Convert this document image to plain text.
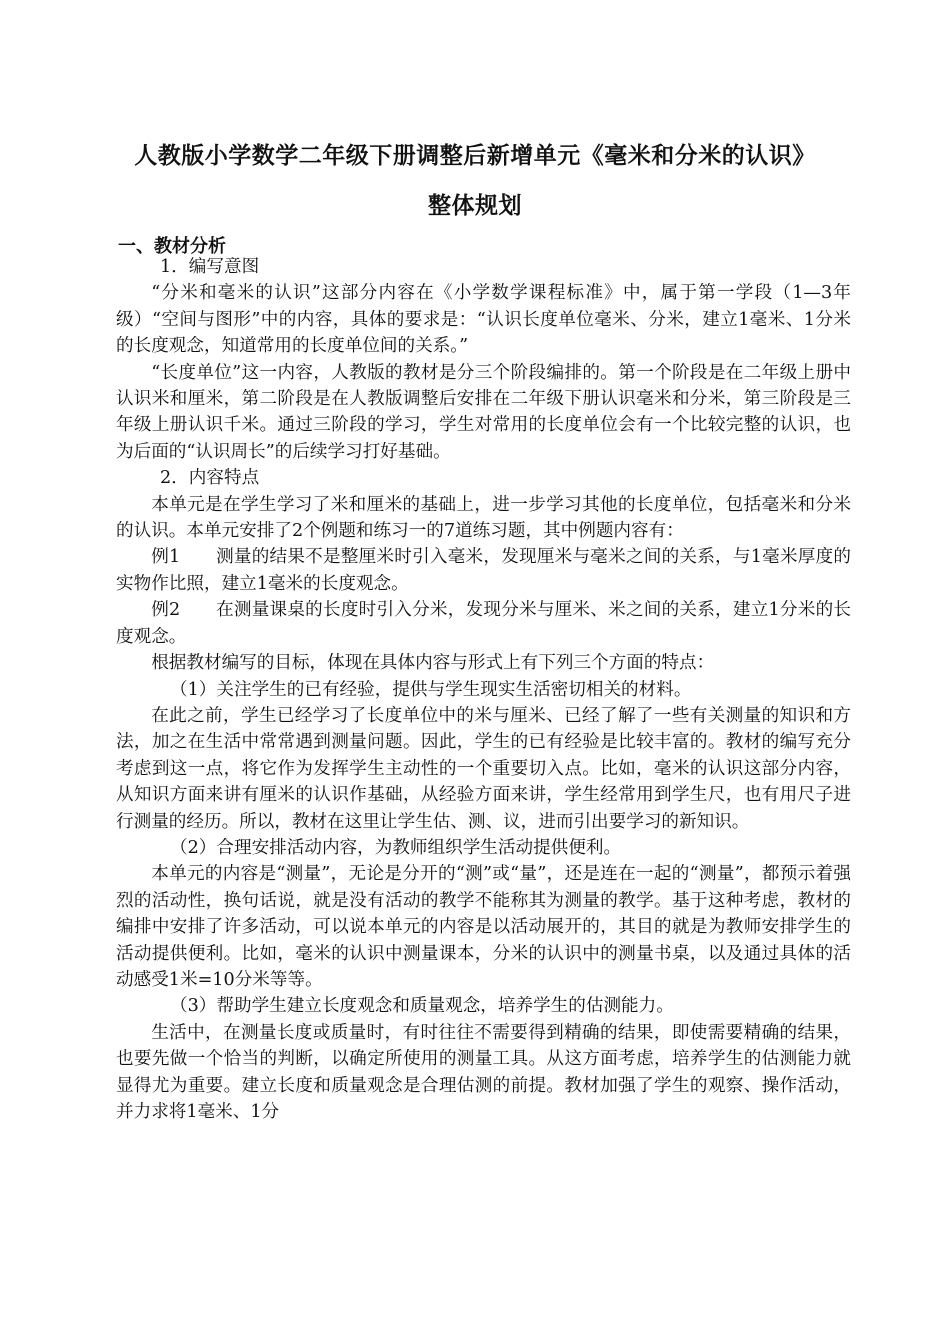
人教版小学数学二年级下册调整后新增单元《毫米和分米的认识》
整体规划
一、教材分析

1．编写意图

“分米和毫米的认识”这部分内容在《小学数学课程标准》中，属于第一学段（1—3年级）“空间与图形”中的内容，具体的要求是：“认识长度单位毫米、分米，建立1毫米、1分米的长度观念，知道常用的长度单位间的关系。”

“长度单位”这一内容，人教版的教材是分三个阶段编排的。第一个阶段是在二年级上册中认识米和厘米，第二阶段是在人教版调整后安排在二年级下册认识毫米和分米，第三阶段是三年级上册认识千米。通过三阶段的学习，学生对常用的长度单位会有一个比较完整的认识，也为后面的“认识周长”的后续学习打好基础。

2．内容特点

本单元是在学生学习了米和厘米的基础上，进一步学习其他的长度单位，包括毫米和分米的认识。本单元安排了2个例题和练习一的7道练习题，其中例题内容有：

例1　　测量的结果不是整厘米时引入毫米，发现厘米与毫米之间的关系，与1毫米厚度的实物作比照，建立1毫米的长度观念。

例2　　在测量课桌的长度时引入分米，发现分米与厘米、米之间的关系，建立1分米的长度观念。

根据教材编写的目标，体现在具体内容与形式上有下列三个方面的特点：

（1）关注学生的已有经验，提供与学生现实生活密切相关的材料。

在此之前，学生已经学习了长度单位中的米与厘米、已经了解了一些有关测量的知识和方法，加之在生活中常常遇到测量问题。因此，学生的已有经验是比较丰富的。教材的编写充分考虑到这一点，将它作为发挥学生主动性的一个重要切入点。比如，毫米的认识这部分内容，从知识方面来讲有厘米的认识作基础，从经验方面来讲，学生经常用到学生尺，也有用尺子进行测量的经历。所以，教材在这里让学生估、测、议，进而引出要学习的新知识。

（2）合理安排活动内容，为教师组织学生活动提供便利。

本单元的内容是“测量”，无论是分开的“测”或“量”，还是连在一起的“测量”，都预示着强烈的活动性，换句话说，就是没有活动的教学不能称其为测量的教学。基于这种考虑，教材的编排中安排了许多活动，可以说本单元的内容是以活动展开的，其目的就是为教师安排学生的活动提供便利。比如，毫米的认识中测量课本，分米的认识中的测量书桌，以及通过具体的活动感受1米=10分米等等。

（3）帮助学生建立长度观念和质量观念，培养学生的估测能力。

生活中，在测量长度或质量时，有时往往不需要得到精确的结果，即使需要精确的结果，也要先做一个恰当的判断，以确定所使用的测量工具。从这方面考虑，培养学生的估测能力就显得尤为重要。建立长度和质量观念是合理估测的前提。教材加强了学生的观察、操作活动，并力求将1毫米、1分
